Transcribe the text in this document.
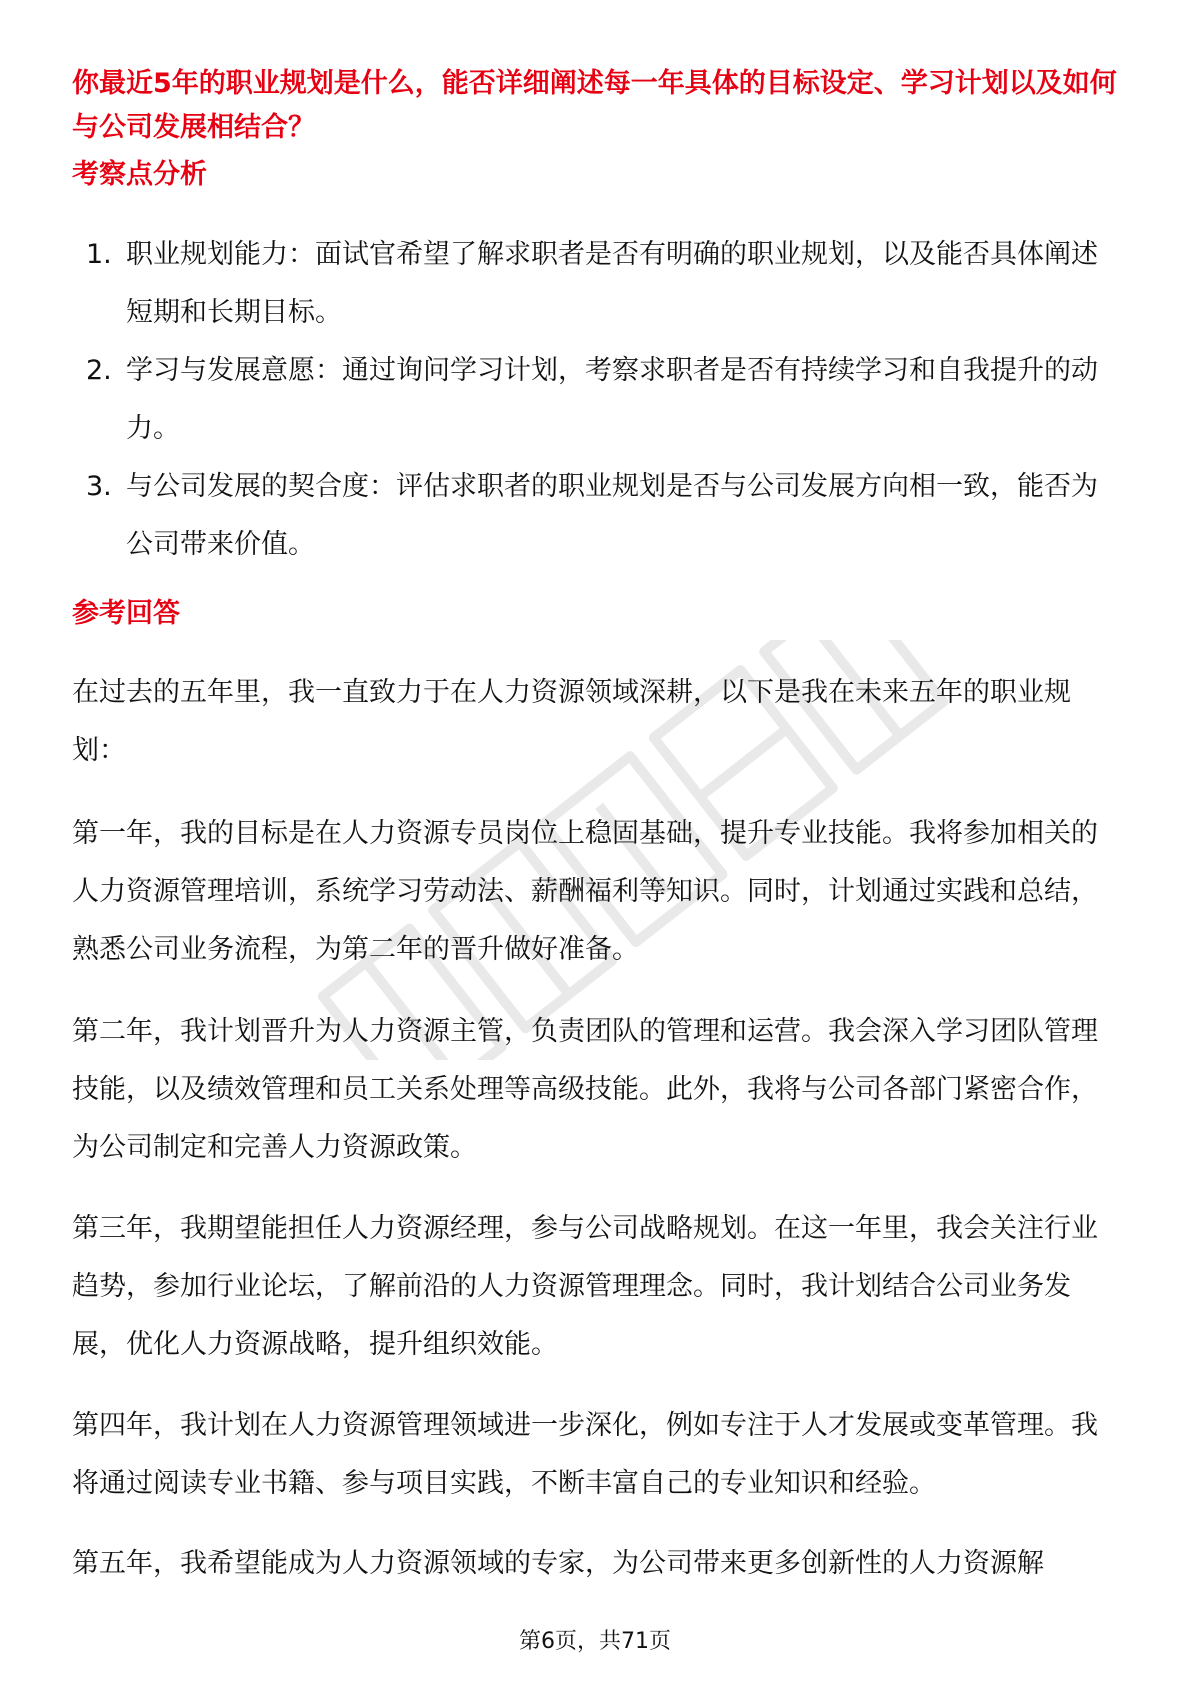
你最近5年的职业规划是什么，能否详细阐述每一年具体的目标设定、学习计划以及如何与公司发展相结合？

考察点分析
1. 职业规划能力：面试官希望了解求职者是否有明确的职业规划，以及能否具体阐述短期和长期目标。
2. 学习与发展意愿：通过询问学习计划，考察求职者是否有持续学习和自我提升的动力。
3. 与公司发展的契合度：评估求职者的职业规划是否与公司发展方向相一致，能否为公司带来价值。
参考回答

在过去的五年里，我一直致力于在人力资源领域深耕，以下是我在未来五年的职业规划：

第一年，我的目标是在人力资源专员岗位上稳固基础，提升专业技能。我将参加相关的人力资源管理培训，系统学习劳动法、薪酬福利等知识。同时，计划通过实践和总结，熟悉公司业务流程，为第二年的晋升做好准备。

第二年，我计划晋升为人力资源主管，负责团队的管理和运营。我会深入学习团队管理技能，以及绩效管理和员工关系处理等高级技能。此外，我将与公司各部门紧密合作，为公司制定和完善人力资源政策。

第三年，我期望能担任人力资源经理，参与公司战略规划。在这一年里，我会关注行业趋势，参加行业论坛，了解前沿的人力资源管理理念。同时，我计划结合公司业务发展，优化人力资源战略，提升组织效能。

第四年，我计划在人力资源管理领域进一步深化，例如专注于人才发展或变革管理。我将通过阅读专业书籍、参与项目实践，不断丰富自己的专业知识和经验。

第五年，我希望能成为人力资源领域的专家，为公司带来更多创新性的人力资源解

第6页，共71页
